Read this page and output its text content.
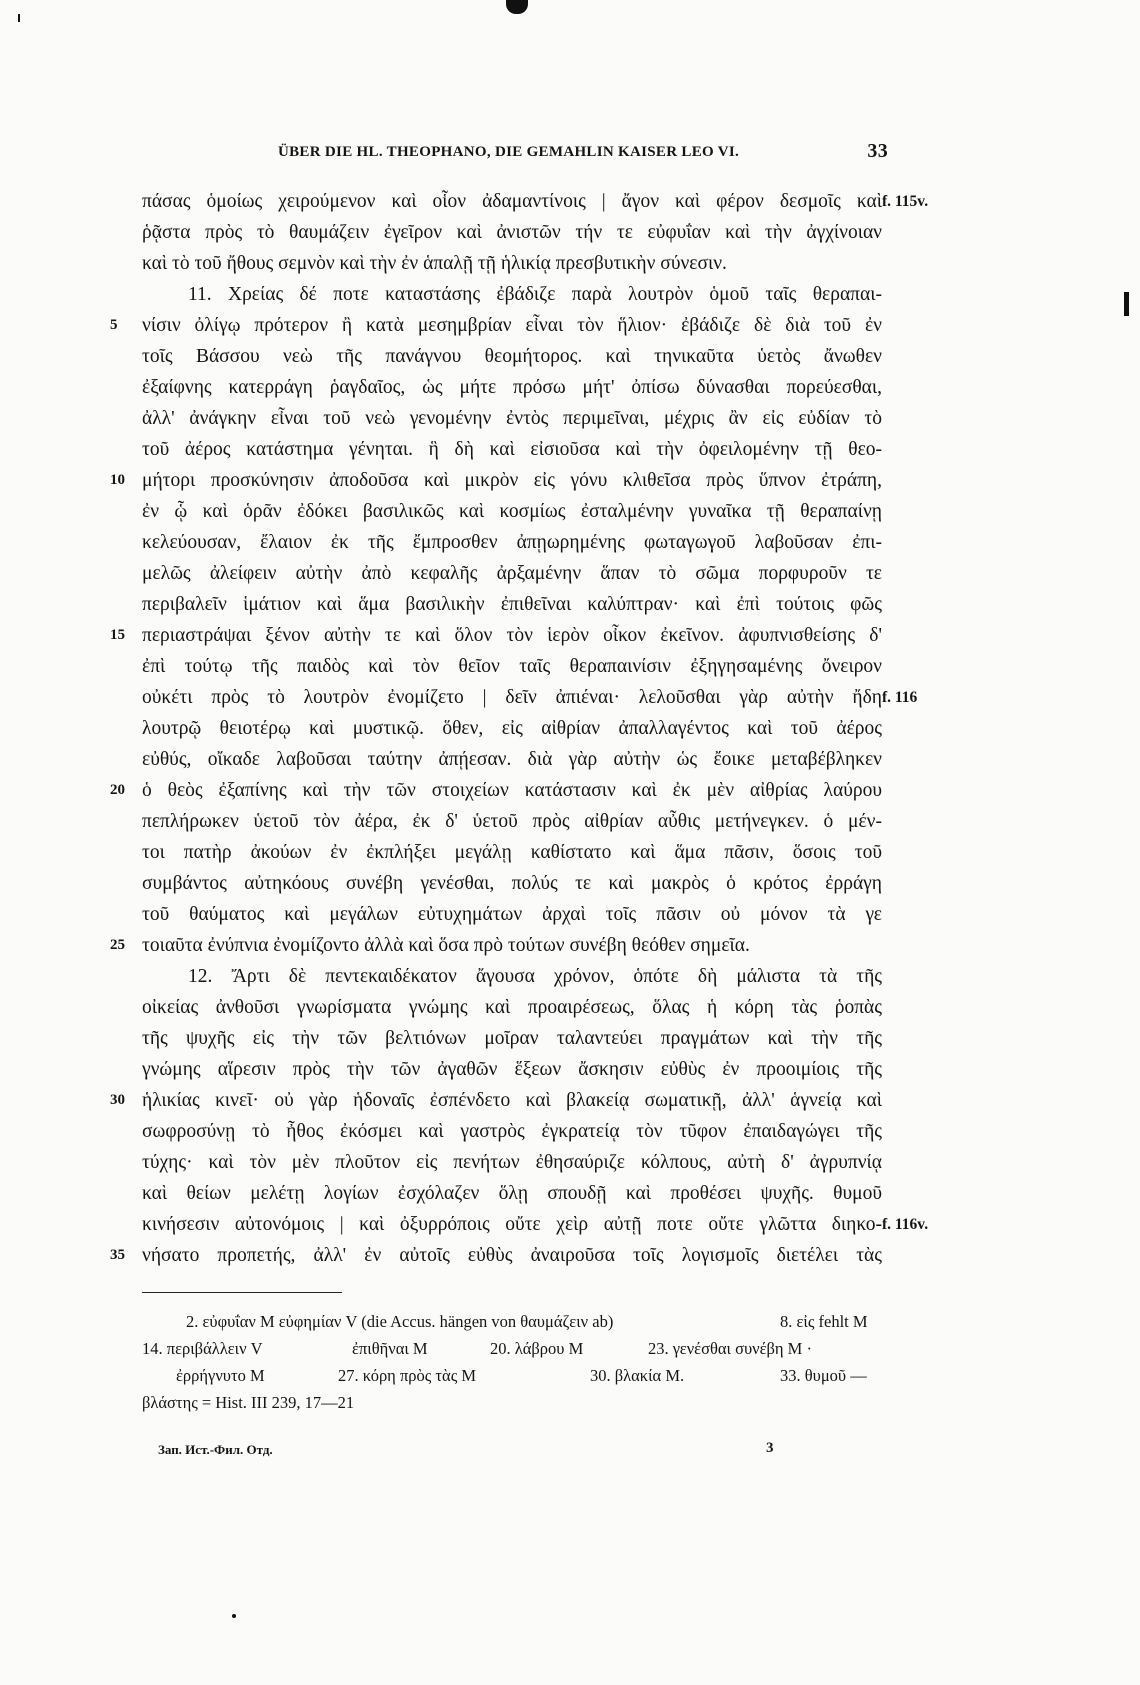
ÜBER DIE HL. THEOPHANO, DIE GEMAHLIN KAISER LEO VI.	33
πάσας ὁμοίως χειρούμενον καὶ οἷον ἀδαμαντίνοις | ἄγον καὶ φέρον δεσμοῖς καὶ f. 115v.
ῥᾷστα πρὸς τὸ θαυμάζειν ἐγεῖρον καὶ ἀνιστῶν τήν τε εὐφυΐαν καὶ τὴν ἀγχίνοιαν
καὶ τὸ τοῦ ἤθους σεμνὸν καὶ τὴν ἐν ἁπαλῇ τῇ ἡλικίᾳ πρεσβυτικὴν σύνεσιν.
11. Χρείας δέ ποτε καταστάσης ἐβάδιζε παρὰ λουτρὸν ὁμοῦ ταῖς θεραπαι-
5	νίσιν ὀλίγῳ πρότερον ἢ κατὰ μεσημβρίαν εἶναι τὸν ἥλιον· ἐβάδιζε δὲ διὰ τοῦ ἐν
τοῖς Βάσσου νεὼ τῆς πανάγνου θεομήτορος. καὶ τηνικαῦτα ὑετὸς ἄνωθεν
ἐξαίφνης κατερράγη ῥαγδαῖος, ὡς μήτε πρόσω μήτ' ὀπίσω δύνασθαι πορεύεσθαι,
ἀλλ' ἀνάγκην εἶναι τοῦ νεὼ γενομένην ἐντὸς περιμεῖναι, μέχρις ἂν εἰς εὐδίαν τὸ
τοῦ ἀέρος κατάστημα γένηται. ἣ δὴ καὶ εἰσιοῦσα καὶ τὴν ὀφειλομένην τῇ θεο-
10 μήτορι προσκύνησιν ἀποδοῦσα καὶ μικρὸν εἰς γόνυ κλιθεῖσα πρὸς ὕπνον ἐτράπη,
ἐν ᾧ καὶ ὁρᾶν ἐδόκει βασιλικῶς καὶ κοσμίως ἐσταλμένην γυναῖκα τῇ θεραπαίνῃ
κελεύουσαν, ἔλαιον ἐκ τῆς ἔμπροσθεν ἀπῃωρημένης φωταγωγοῦ λαβοῦσαν ἐπι-
μελῶς ἀλείφειν αὐτὴν ἀπὸ κεφαλῆς ἀρξαμένην ἅπαν τὸ σῶμα πορφυροῦν τε
περιβαλεῖν ἱμάτιον καὶ ἅμα βασιλικὴν ἐπιθεῖναι καλύπτραν· καὶ ἐπὶ τούτοις φῶς
15 περιαστράψαι ξένον αὐτὴν τε καὶ ὅλον τὸν ἱερὸν οἶκον ἐκεῖνον. ἀφυπνισθείσης δ'
ἐπὶ τούτῳ τῆς παιδὸς καὶ τὸν θεῖον ταῖς θεραπαινίσιν ἐξηγησαμένης ὄνειρον
οὐκέτι πρὸς τὸ λουτρὸν ἐνομίζετο | δεῖν ἀπιέναι· λελοῦσθαι γὰρ αὐτὴν ἤδη f. 116
λουτρῷ θειοτέρῳ καὶ μυστικῷ. ὅθεν, εἰς αἰθρίαν ἀπαλλαγέντος καὶ τοῦ ἀέρος
εὐθύς, οἴκαδε λαβοῦσαι ταύτην ἀπῄεσαν. διὰ γὰρ αὐτὴν ὡς ἔοικε μεταβέβληκεν
20 ὁ θεὸς ἐξαπίνης καὶ τὴν τῶν στοιχείων κατάστασιν καὶ ἐκ μὲν αἰθρίας λαύρου
πεπλήρωκεν ὑετοῦ τὸν ἀέρα, ἐκ δ' ὑετοῦ πρὸς αἰθρίαν αὖθις μετήνεγκεν. ὁ μέν-
τοι πατὴρ ἀκούων ἐν ἐκπλήξει μεγάλῃ καθίστατο καὶ ἅμα πᾶσιν, ὅσοις τοῦ
συμβάντος αὐτηκόους συνέβη γενέσθαι, πολύς τε καὶ μακρὸς ὁ κρότος ἐρράγη
τοῦ θαύματος καὶ μεγάλων εὐτυχημάτων ἀρχαὶ τοῖς πᾶσιν οὐ μόνον τὰ γε
25 τοιαῦτα ἐνύπνια ἐνομίζοντο ἀλλὰ καὶ ὅσα πρὸ τούτων συνέβη θεόθεν σημεῖα.
12. Ἄρτι δὲ πεντεκαιδέκατον ἄγουσα χρόνον, ὁπότε δὴ μάλιστα τὰ τῆς
οἰκείας ἀνθοῦσι γνωρίσματα γνώμης καὶ προαιρέσεως, ὅλας ἡ κόρη τὰς ῥοπὰς
τῆς ψυχῆς εἰς τὴν τῶν βελτιόνων μοῖραν ταλαντεύει πραγμάτων καὶ τὴν τῆς
γνώμης αἵρεσιν πρὸς τὴν τῶν ἀγαθῶν ἕξεων ἄσκησιν εὐθὺς ἐν προοιμίοις τῆς
30 ἡλικίας κινεῖ· οὐ γὰρ ἡδοναῖς ἐσπένδετο καὶ βλακείᾳ σωματικῇ, ἀλλ' ἁγνείᾳ καὶ
σωφροσύνῃ τὸ ἦθος ἐκόσμει καὶ γαστρὸς ἐγκρατείᾳ τὸν τῦφον ἐπαιδαγώγει τῆς
τύχης· καὶ τὸν μὲν πλοῦτον εἰς πενήτων ἐθησαύριζε κόλπους, αὐτὴ δ' ἀγρυπνίᾳ
καὶ θείων μελέτῃ λογίων ἐσχόλαζεν ὅλῃ σπουδῇ καὶ προθέσει ψυχῆς. θυμοῦ
κινήσεσιν αὐτονόμοις | καὶ ὀξυρρόποις οὔτε χεὶρ αὐτῇ ποτε οὔτε γλῶττα διηκο- f. 116v.
35 νήσατο προπετής, ἀλλ' ἐν αὐτοῖς εὐθὺς ἀναιροῦσα τοῖς λογισμοῖς διετέλει τὰς
2. εὐφυΐαν M εὐφημίαν V (die Accus. hängen von θαυμάζειν ab)	8. εἰς fehlt M
14. περιβάλλειν V	ἐπιθῆναι M	20. λάβρου M	23. γενέσθαι συνέβη M ·
ἐρρήγνυτο M	27. κόρη πρὸς τὰς M	30. βλακία M.	33. θυμοῦ —
βλάστης = Hist. III 239, 17—21
Зап. Ист.-Фил. Отд.	3
